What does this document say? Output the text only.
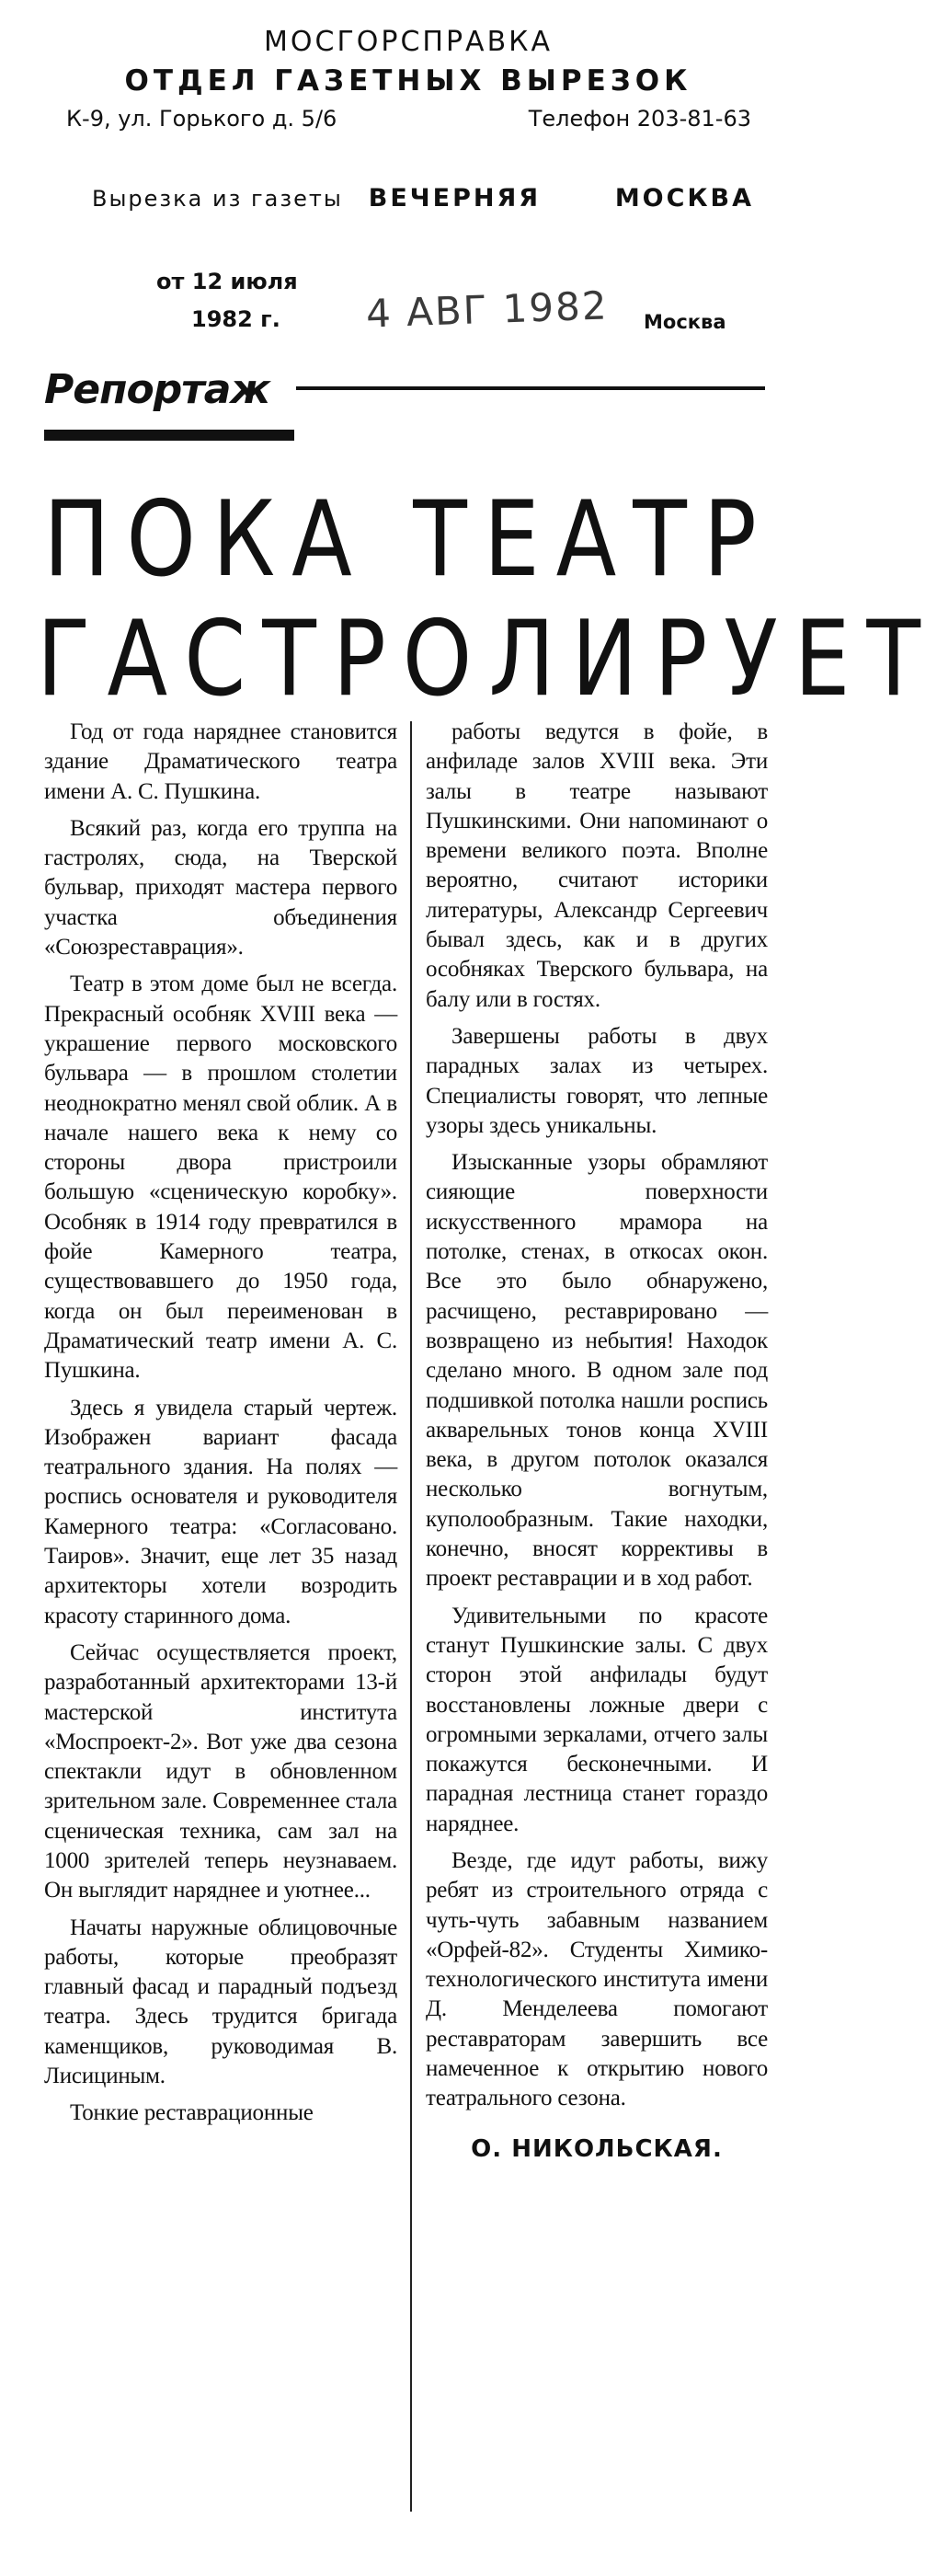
МОСГОРСПРАВКА
ОТДЕЛ ГАЗЕТНЫХ ВЫРЕЗОК
К-9, ул. Горького д. 5/6	Телефон 203-81-63
Вырезка из газеты ВЕЧЕРНЯЯ	МОСКВА
от 12 июля
1982 г. 4 АВГ 1982 Москва
Репортаж
ПОКА ТЕАТР
ГАСТРОЛИРУЕТ

Год от года наряднее становится здание Драматического театра имени А. С. Пушкина.

Всякий раз, когда его труппа на гастролях, сюда, на Тверской бульвар, приходят мастера первого участка объединения «Союзреставрация».

Театр в этом доме был не всегда. Прекрасный особняк XVIII века — украшение первого московского бульвара — в прошлом столетии неоднократно менял свой облик. А в начале нашего века к нему со стороны двора пристроили большую «сценическую коробку». Особняк в 1914 году превратился в фойе Камерного театра, существовавшего до 1950 года, когда он был переименован в Драматический театр имени А. С. Пушкина.

Здесь я увидела старый чертеж. Изображен вариант фасада театрального здания. На полях — роспись основателя и руководителя Камерного театра: «Согласовано. Таиров». Значит, еще лет 35 назад архитекторы хотели возродить красоту старинного дома.

Сейчас осуществляется проект, разработанный архитекторами 13-й мастерской института «Моспроект-2». Вот уже два сезона спектакли идут в обновленном зрительном зале. Современнее стала сценическая техника, сам зал на 1000 зрителей теперь неузнаваем. Он выглядит наряднее и уютнее...

Начаты наружные облицовочные работы, которые преобразят главный фасад и парадный подъезд театра. Здесь трудится бригада каменщиков, руководимая В. Лисициным.

Тонкие реставрационные

работы ведутся в фойе, в анфиладе залов XVIII века. Эти залы в театре называют Пушкинскими. Они напоминают о времени великого поэта. Вполне вероятно, считают историки литературы, Александр Сергеевич бывал здесь, как и в других особняках Тверского бульвара, на балу или в гостях.

Завершены работы в двух парадных залах из четырех. Специалисты говорят, что лепные узоры здесь уникальны.

Изысканные узоры обрамляют сияющие поверхности искусственного мрамора на потолке, стенах, в откосах окон. Все это было обнаружено, расчищено, реставрировано — возвращено из небытия! Находок сделано много. В одном зале под подшивкой потолка нашли роспись акварельных тонов конца XVIII века, в другом потолок оказался несколько вогнутым, куполообразным. Такие находки, конечно, вносят коррективы в проект реставрации и в ход работ.

Удивительными по красоте станут Пушкинские залы. С двух сторон этой анфилады будут восстановлены ложные двери с огромными зеркалами, отчего залы покажутся бесконечными. И парадная лестница станет гораздо наряднее.

Везде, где идут работы, вижу ребят из строительного отряда с чуть-чуть забавным названием «Орфей-82». Студенты Химико-технологического института имени Д. Менделеева помогают реставраторам завершить все намеченное к открытию нового театрального сезона.

О. НИКОЛЬСКАЯ.
